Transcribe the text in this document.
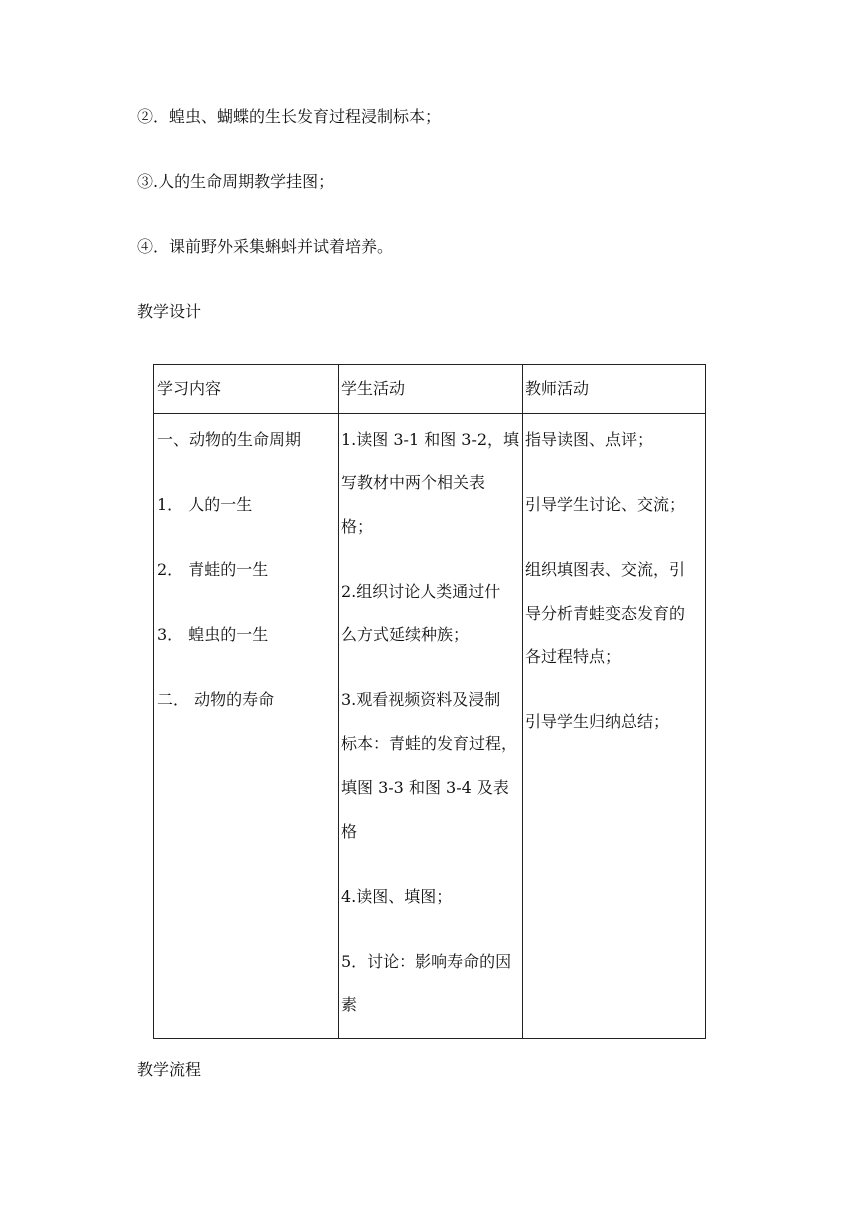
②．蝗虫、蝴蝶的生长发育过程浸制标本；

③.人的生命周期教学挂图；

④．课前野外采集蝌蚪并试着培养。

教学设计

学习内容	学生活动	教师活动

一、动物的生命周期

1． 人的一生

2． 青蛙的一生

3． 蝗虫的一生

二． 动物的寿命

1.读图 3-1 和图 3-2，填

写教材中两个相关表

格；

2.组织讨论人类通过什

么方式延续种族；

3.观看视频资料及浸制

标本：青蛙的发育过程，

填图 3-3 和图 3-4 及表

格

4.读图、填图；

5．讨论：影响寿命的因

素

指导读图、点评；

引导学生讨论、交流；

组织填图表、交流，引

导分析青蛙变态发育的

各过程特点；

引导学生归纳总结；

教学流程
